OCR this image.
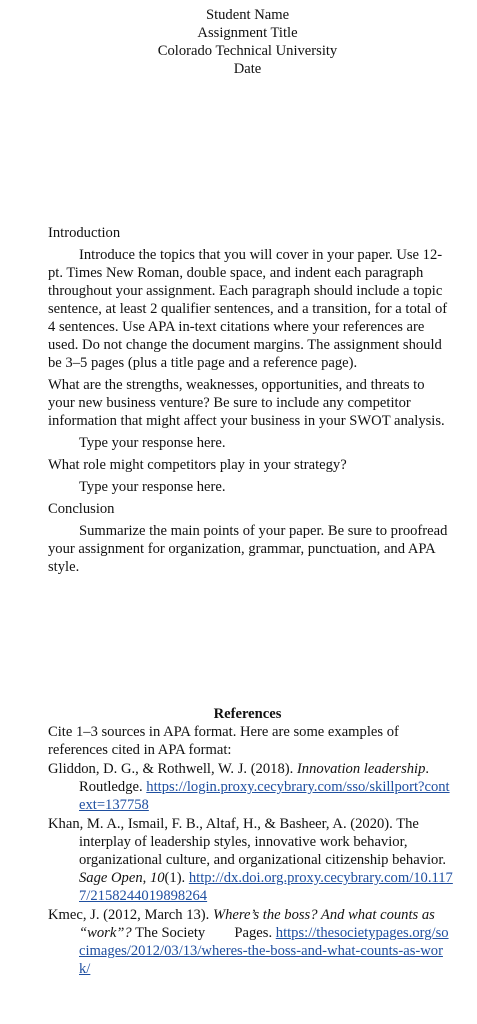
Student Name
Assignment Title
Colorado Technical University
Date

Introduction

Introduce the topics that you will cover in your paper. Use 12-pt. Times New Roman, double space, and indent each paragraph throughout your assignment. Each paragraph should include a topic sentence, at least 2 qualifier sentences, and a transition, for a total of 4 sentences. Use APA in-text citations where your references are used. Do not change the document margins. The assignment should be 3–5 pages (plus a title page and a reference page).

What are the strengths, weaknesses, opportunities, and threats to your new business venture? Be sure to include any competitor information that might affect your business in your SWOT analysis.

Type your response here.

What role might competitors play in your strategy?

Type your response here.

Conclusion

Summarize the main points of your paper. Be sure to proofread your assignment for organization, grammar, punctuation, and APA style.

References

Cite 1–3 sources in APA format. Here are some examples of references cited in APA format:

Gliddon, D. G., & Rothwell, W. J. (2018). Innovation leadership. Routledge. https://login.proxy.cecybrary.com/sso/skillport?context=137758

Khan, M. A., Ismail, F. B., Altaf, H., & Basheer, A. (2020). The interplay of leadership styles, innovative work behavior, organizational culture, and organizational citizenship behavior. Sage Open, 10(1). http://dx.doi.org.proxy.cecybrary.com/10.1177/2158244019898264

Kmec, J. (2012, March 13). Where’s the boss? And what counts as “work”? The Society        Pages. https://thesocietypages.org/socimages/2012/03/13/wheres-the-boss-and-what-counts-as-work/
